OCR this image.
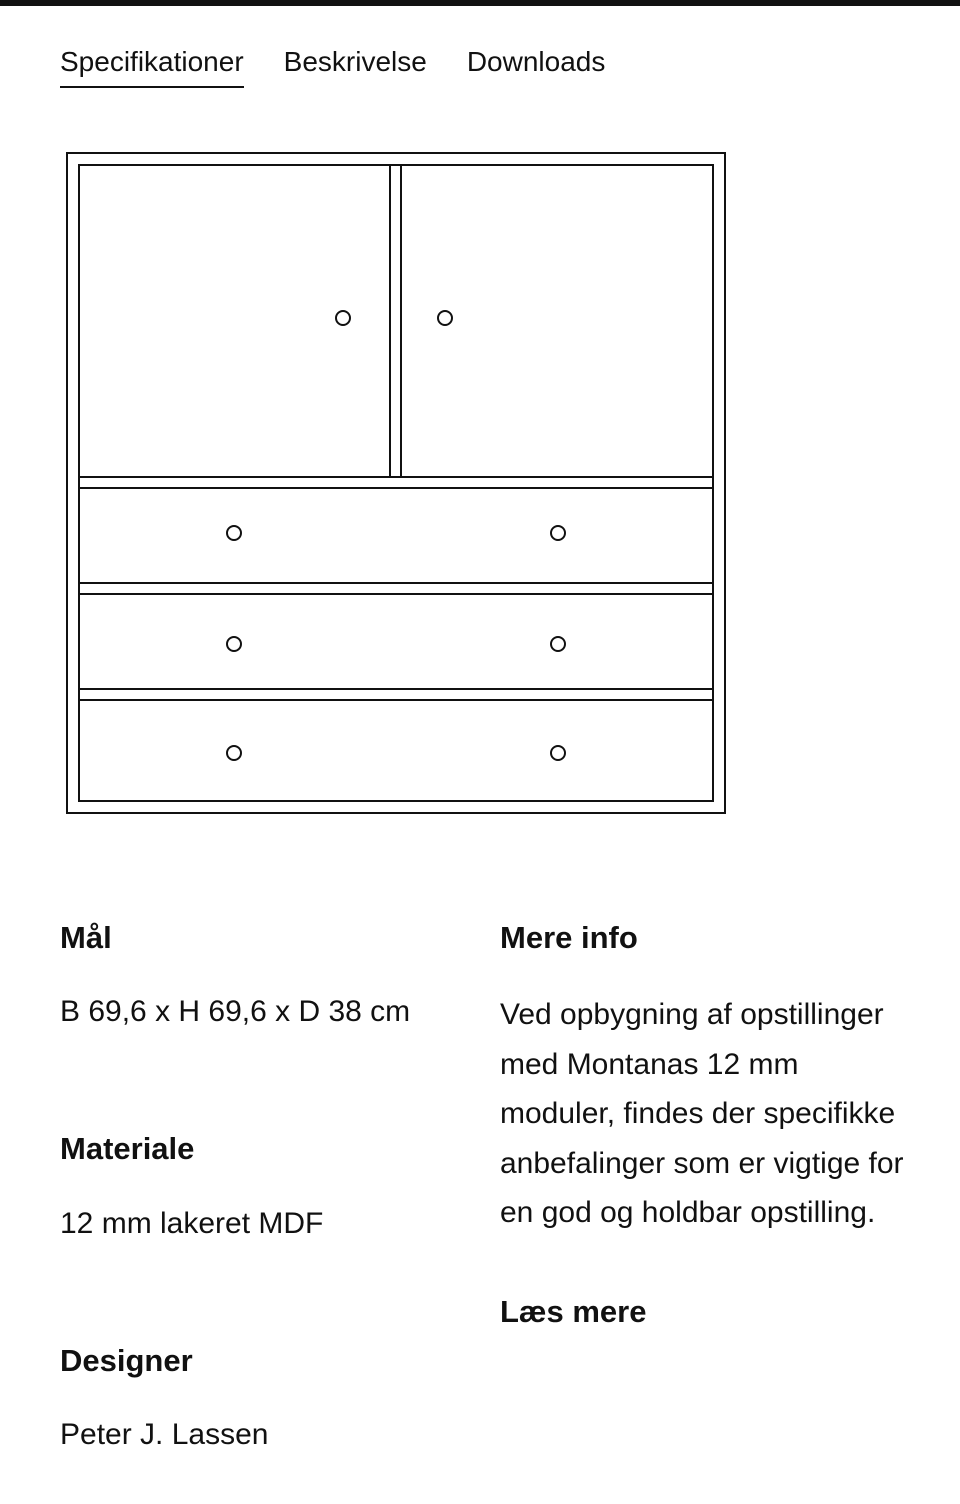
Specifikationer Beskrivelse Downloads
Mål

B 69,6 x H 69,6 x D 38 cm

Materiale

12 mm lakeret MDF

Designer

Peter J. Lassen

Mere info

Ved opbygning af opstillinger med Montanas 12 mm moduler, findes der specifikke anbefalinger som er vigtige for en god og holdbar opstilling.

Læs mere
